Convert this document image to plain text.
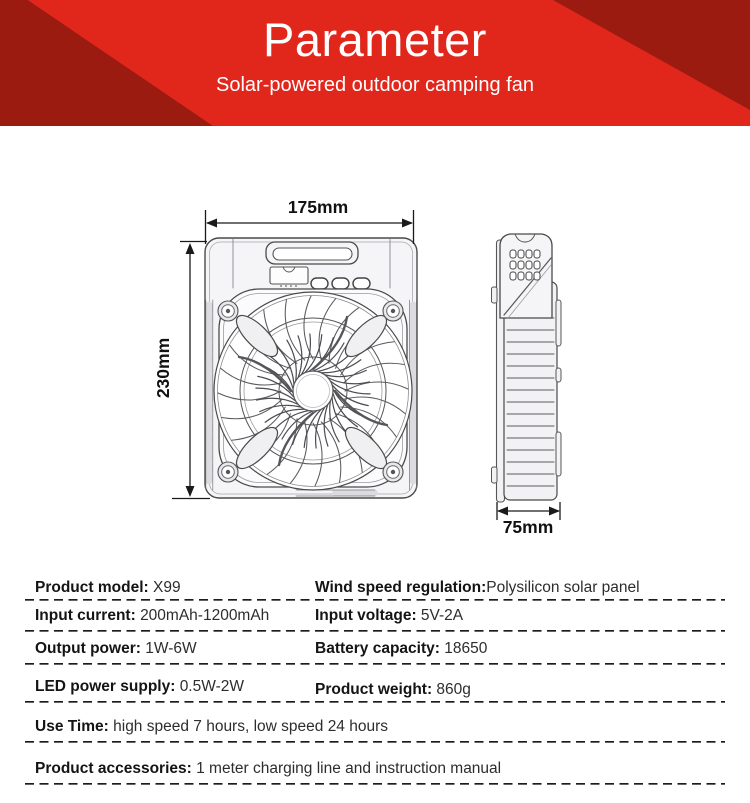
Parameter
Solar-powered outdoor camping fan
175mm
230mm
75mm
Product model: X99	Wind speed regulation: Polysilicon solar panel
Input current: 200mAh-1200mAh	Input voltage: 5V-2A
Output power: 1W-6W	Battery capacity: 18650
LED power supply: 0.5W-2W	Product weight: 860g
Use Time: high speed 7 hours, low speed 24 hours
Product accessories: 1 meter charging line and instruction manual
